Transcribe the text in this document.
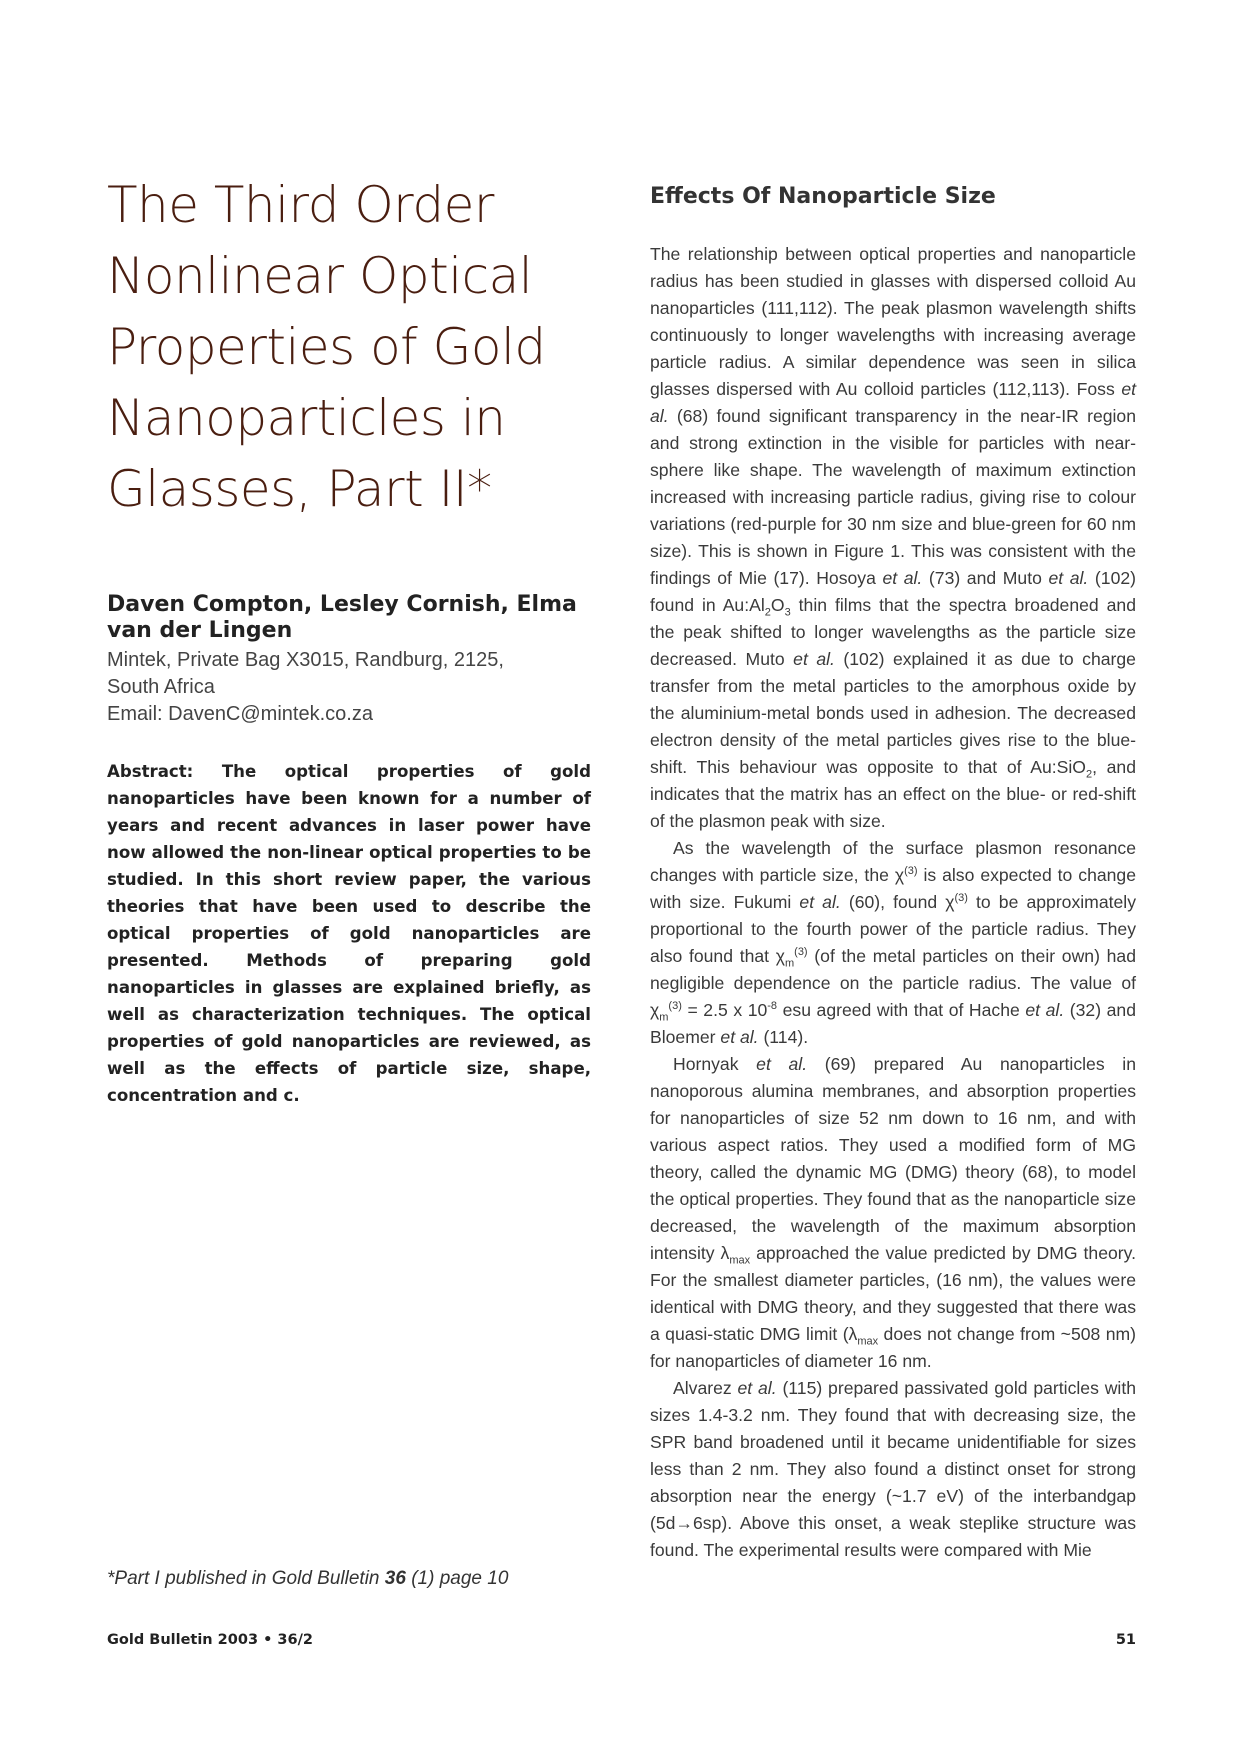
The Third Order
Nonlinear Optical
Properties of Gold
Nanoparticles in
Glasses, Part II*
Daven Compton, Lesley Cornish, Elma van der Lingen
Mintek, Private Bag X3015, Randburg, 2125,
South Africa
Email: DavenC@mintek.co.za

Abstract: The optical properties of gold nanoparticles have been known for a number of years and recent advances in laser power have now allowed the non-linear optical properties to be studied. In this short review paper, the various theories that have been used to describe the optical properties of gold nanoparticles are presented. Methods of preparing gold nanoparticles in glasses are explained briefly, as well as characterization techniques. The optical properties of gold nanoparticles are reviewed, as well as the effects of particle size, shape, concentration and c.

*Part I published in Gold Bulletin 36 (1) page 10
Effects Of Nanoparticle Size

The relationship between optical properties and nanoparticle radius has been studied in glasses with dispersed colloid Au nanoparticles (111,112). The peak plasmon wavelength shifts continuously to longer wavelengths with increasing average particle radius. A similar dependence was seen in silica glasses dispersed with Au colloid particles (112,113). Foss et al. (68) found significant transparency in the near-IR region and strong extinction in the visible for particles with near-sphere like shape. The wavelength of maximum extinction increased with increasing particle radius, giving rise to colour variations (red-purple for 30 nm size and blue-green for 60 nm size). This is shown in Figure 1. This was consistent with the findings of Mie (17). Hosoya et al. (73) and Muto et al. (102) found in $Au:Al_2O_3$ thin films that the spectra broadened and the peak shifted to longer wavelengths as the particle size decreased. Muto et al. (102) explained it as due to charge transfer from the metal particles to the amorphous oxide by the aluminium-metal bonds used in adhesion. The decreased electron density of the metal particles gives rise to the blue-shift. This behaviour was opposite to that of Au:SiO$_2$, and indicates that the matrix has an effect on the blue- or red-shift of the plasmon peak with size.

As the wavelength of the surface plasmon resonance changes with particle size, the $\chi^{(3)}$ is also expected to change with size. Fukumi et al. (60), found $\chi^{(3)}$ to be approximately proportional to the fourth power of the particle radius. They also found that $\chi_m^{(3)}$ (of the metal particles on their own) had negligible dependence on the particle radius. The value of $\chi_m^{(3)} = 2.5$ x $10^{-8}$ esu agreed with that of Hache et al. (32) and Bloemer et al. (114).

Hornyak et al. (69) prepared Au nanoparticles in nanoporous alumina membranes, and absorption properties for nanoparticles of size 52 nm down to 16 nm, and with various aspect ratios. They used a modified form of MG theory, called the dynamic MG (DMG) theory (68), to model the optical properties. They found that as the nanoparticle size decreased, the wavelength of the maximum absorption intensity $\lambda_{max}$ approached the value predicted by DMG theory. For the smallest diameter particles, (16 nm), the values were identical with DMG theory, and they suggested that there was a quasi-static DMG limit ($\lambda_{max}$ does not change from ~508 nm) for nanoparticles of diameter 16 nm.

Alvarez et al. (115) prepared passivated gold particles with sizes 1.4-3.2 nm. They found that with decreasing size, the SPR band broadened until it became unidentifiable for sizes less than 2 nm. They also found a distinct onset for strong absorption near the energy (~1.7 eV) of the interbandgap (5d→6sp). Above this onset, a weak steplike structure was found. The experimental results were compared with Mie

Gold Bulletin 2003 • 36/2	51
